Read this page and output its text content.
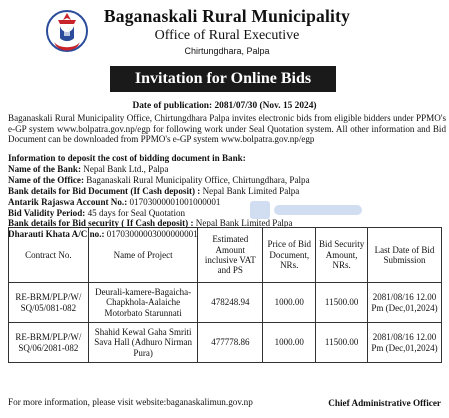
Baganaskali Rural Municipality
Office of Rural Executive
Chirtungdhara, Palpa
Invitation for Online Bids
Date of publication: 2081/07/30 (Nov. 15 2024)
Baganaskali Rural Municipality Office, Chirtungdhara Palpa invites electronic bids from eligible bidders under PPMO's e-GP system www.bolpatra.gov.np/egp for following work under Seal Quotation system. All other information and Bid Document can be downloaded from PPMO's e-GP system www.bolpatra.gov.np/egp
Information to deposit the cost of bidding document in Bank:
Name of the Bank: Nepal Bank Ltd., Palpa
Name of the Office: Baganaskali Rural Municipality Office, Chirtungdhara, Palpa
Bank details for Bid Document (If Cash deposit) : Nepal Bank Limited Palpa
Antarik Rajaswa Account No.: 01703000001001000001
Bid Validity Period: 45 days for Seal Quotation
Bank details for Bid security ( If Cash deposit) : Nepal Bank Limited Palpa
Dharauti Khata A/C no.: 01703000003000000001
Contract No.	Name of Project	Estimated Amount inclusive VAT and PS	Price of Bid Document, NRs.	Bid Security Amount, NRs.	Last Date of Bid Submission
RE-BRM/PLP/W/ SQ/05/081-082	Deurali-kamere-Bagaicha-Chapkhola-Aalaiche Motorbato Starunnati	478248.94	1000.00	11500.00	2081/08/16 12.00 Pm (Dec,01,2024)
RE-BRM/PLP/W/ SQ/06/2081-082	Shahid Kewal Gaha Smriti Sava Hall (Adhuro Nirman Pura)	477778.86	1000.00	11500.00	2081/08/16 12.00 Pm (Dec,01,2024)
For more information, please visit website:baganaskalimun.gov.np	Chief Administrative Officer
